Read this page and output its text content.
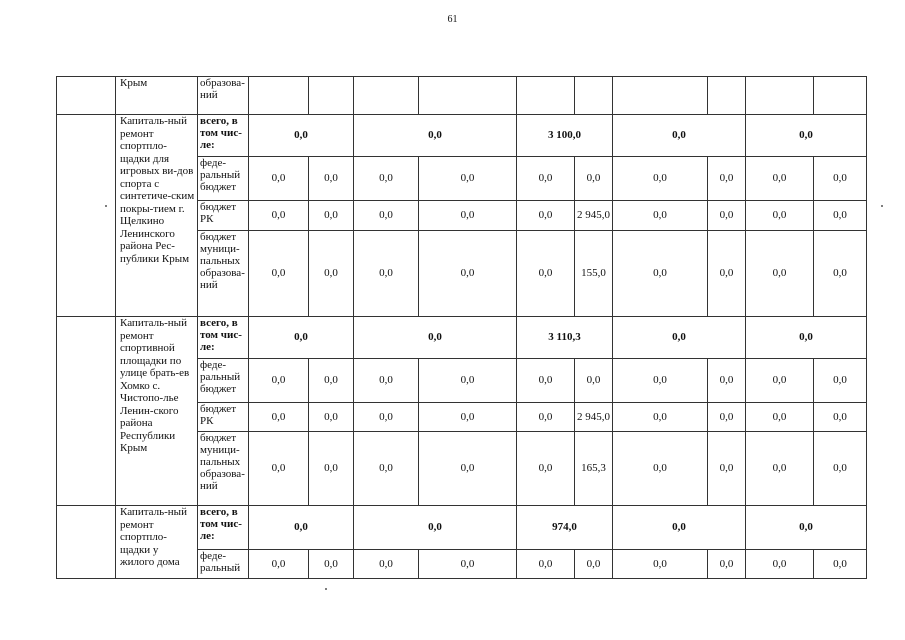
61
	Крым	образова-ний										
	Капиталь-ный ремонт спортпло-щадки для игровых ви-дов спорта с синтетиче-ским покры-тием г. Щелкино Ленинского района Рес-публики Крым	всего, в том чис-ле:	0,0		0,0		3 100,0		0,0		0,0	
		феде-ральный бюджет	0,0	0,0	0,0	0,0	0,0	0,0	0,0	0,0	0,0	0,0
		бюджет РК	0,0	0,0	0,0	0,0	0,0	2 945,0	0,0	0,0	0,0	0,0
		бюджет муници-пальных образова-ний	0,0	0,0	0,0	0,0	0,0	155,0	0,0	0,0	0,0	0,0
	Капиталь-ный ремонт спортивной площадки по улице брать-ев Хомко с. Чистопо-лье Ленин-ского района Республики Крым	всего, в том чис-ле:	0,0		0,0		3 110,3		0,0		0,0	
		феде-ральный бюджет	0,0	0,0	0,0	0,0	0,0	0,0	0,0	0,0	0,0	0,0
		бюджет РК	0,0	0,0	0,0	0,0	0,0	2 945,0	0,0	0,0	0,0	0,0
		бюджет муници-пальных образова-ний	0,0	0,0	0,0	0,0	0,0	165,3	0,0	0,0	0,0	0,0
	Капиталь-ный ремонт спортпло-щадки у жилого дома	всего, в том чис-ле:	0,0		0,0		974,0		0,0		0,0	
		феде-ральный	0,0	0,0	0,0	0,0	0,0	0,0	0,0	0,0	0,0	0,0
